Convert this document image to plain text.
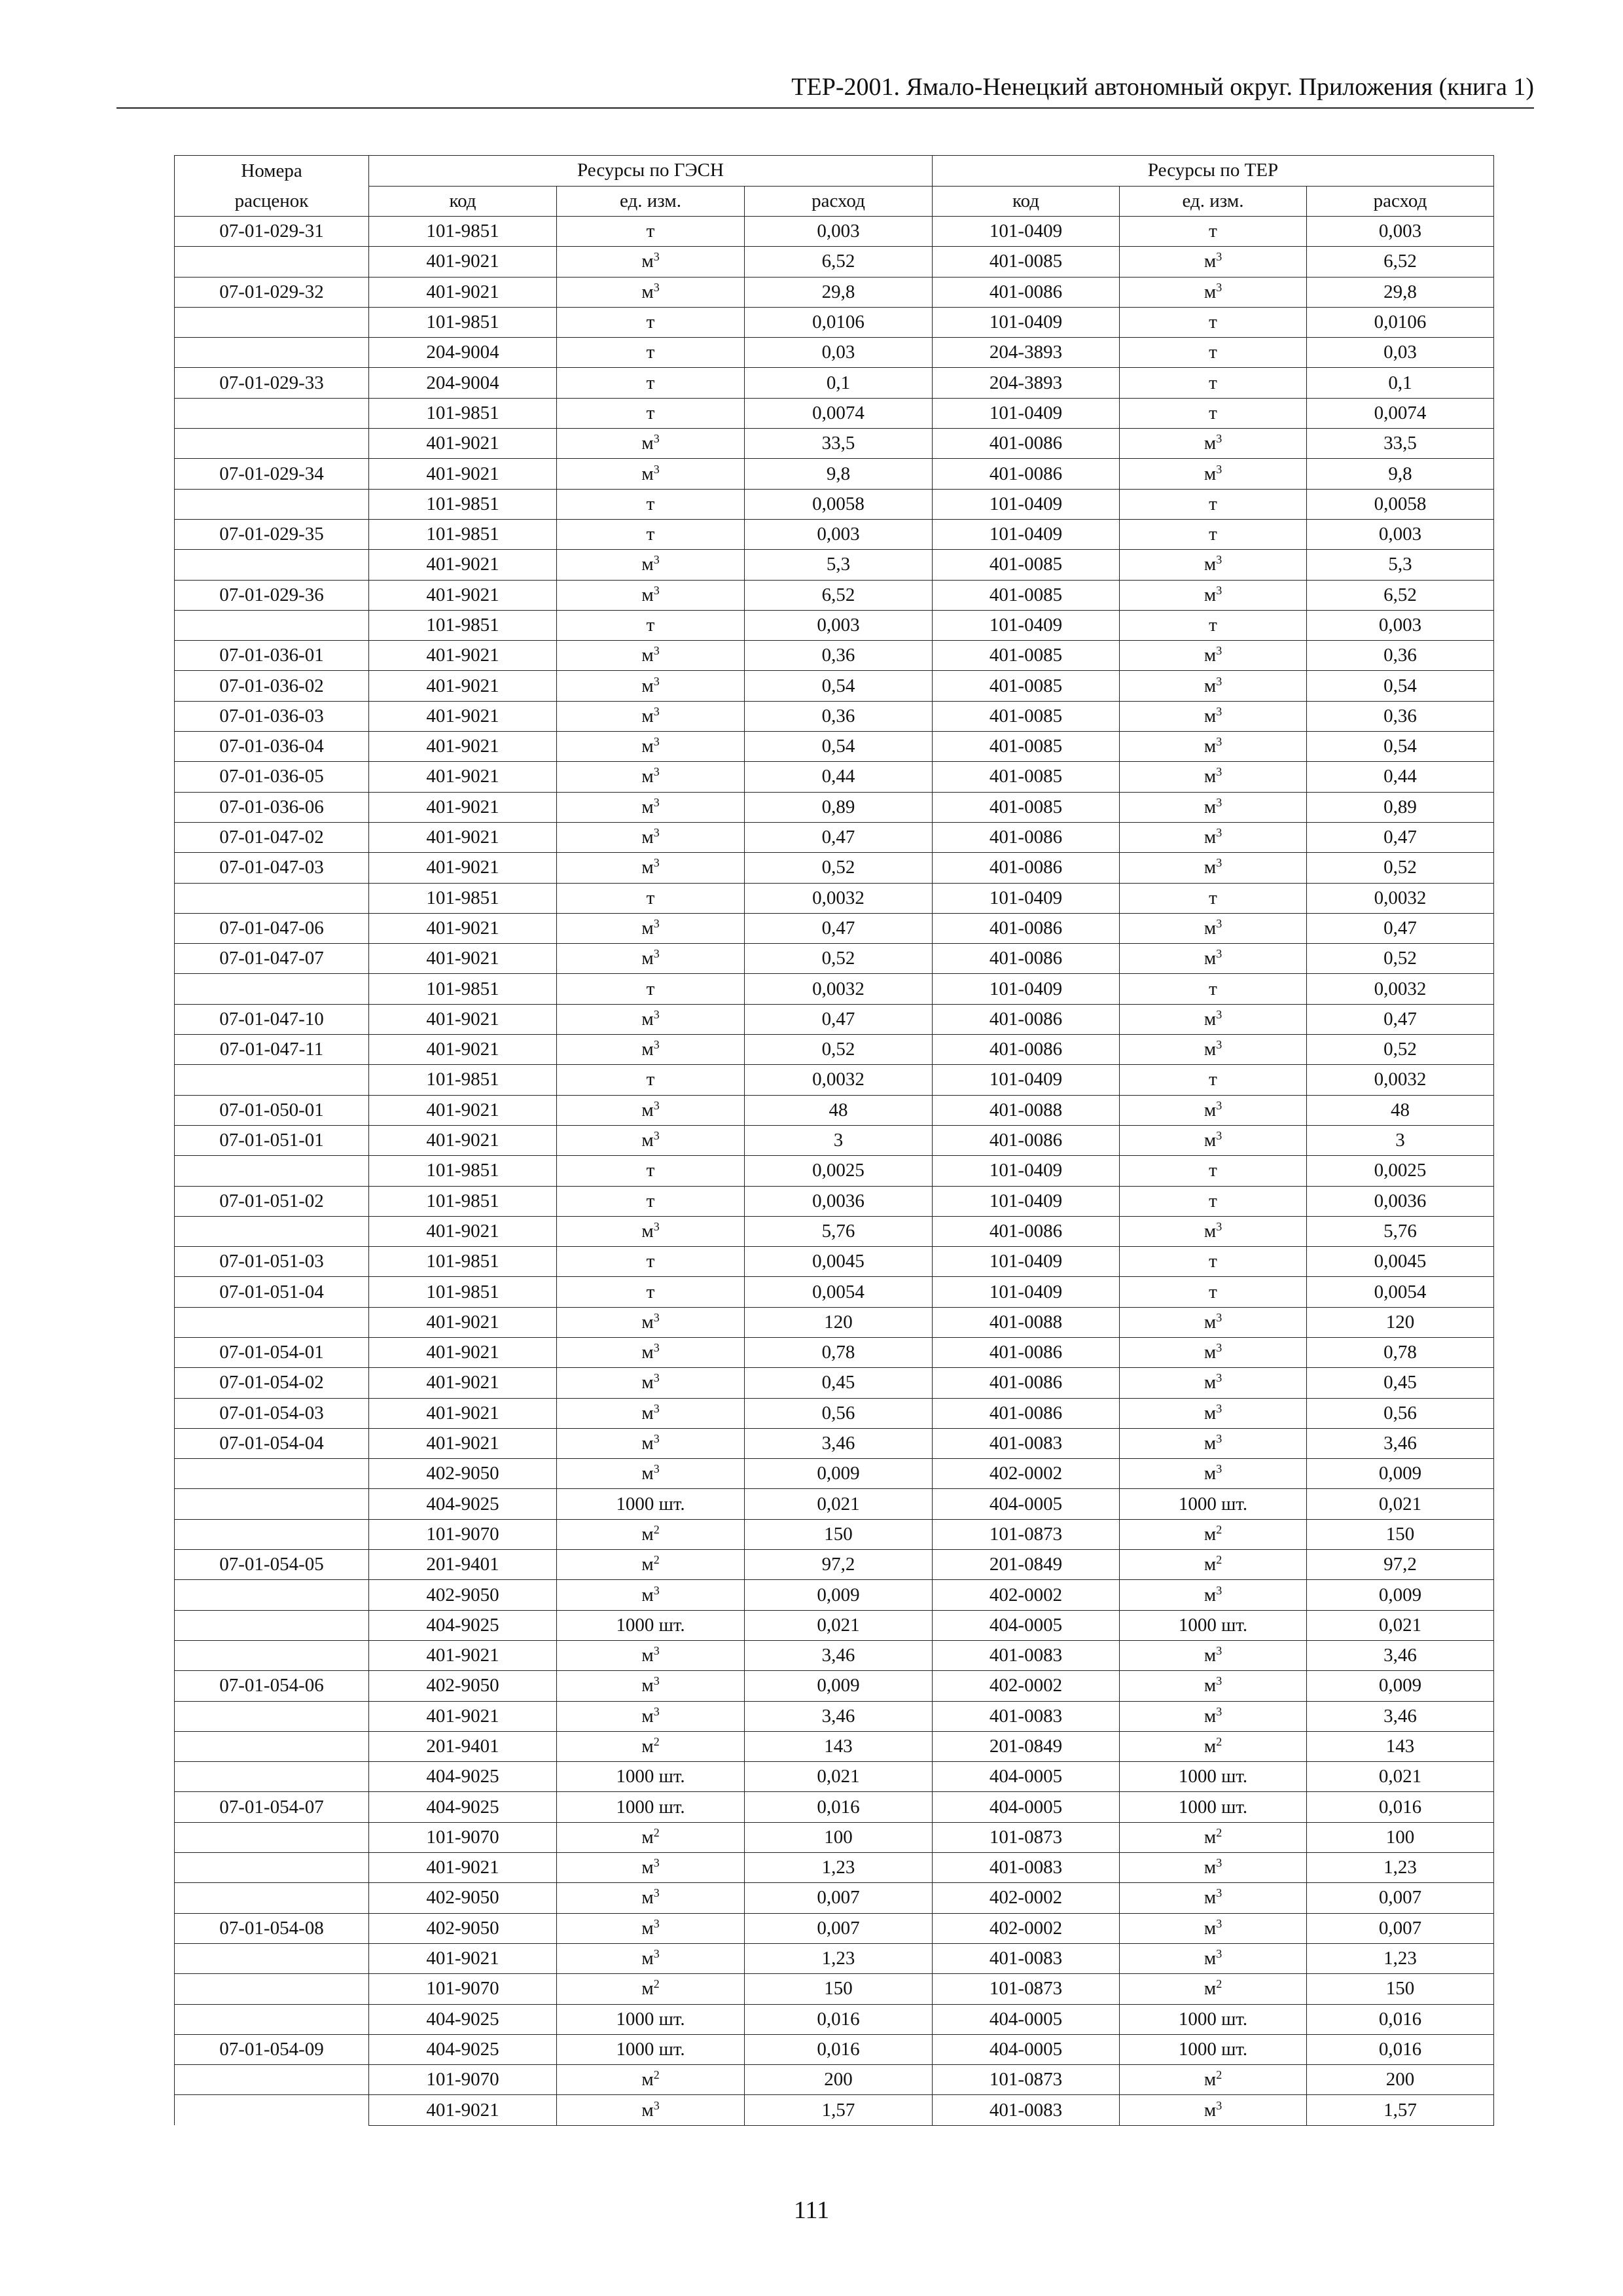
ТЕР-2001. Ямало-Ненецкий автономный округ. Приложения (книга 1)
Номера	Ресурсы по ГЭСН			Ресурсы по ТЕР		
расценок	код	ед. изм.	расход	код	ед. изм.	расход
07-01-029-31	101-9851	т	0,003	101-0409	т	0,003
	401-9021	$м^3$	6,52	401-0085	$м^3$	6,52
07-01-029-32	401-9021	$м^3$	29,8	401-0086	$м^3$	29,8
	101-9851	т	0,0106	101-0409	т	0,0106
	204-9004	т	0,03	204-3893	т	0,03
07-01-029-33	204-9004	т	0,1	204-3893	т	0,1
	101-9851	т	0,0074	101-0409	т	0,0074
	401-9021	$м^3$	33,5	401-0086	$м^3$	33,5
07-01-029-34	401-9021	$м^3$	9,8	401-0086	$м^3$	9,8
	101-9851	т	0,0058	101-0409	т	0,0058
07-01-029-35	101-9851	т	0,003	101-0409	т	0,003
	401-9021	$м^3$	5,3	401-0085	$м^3$	5,3
07-01-029-36	401-9021	$м^3$	6,52	401-0085	$м^3$	6,52
	101-9851	т	0,003	101-0409	т	0,003
07-01-036-01	401-9021	$м^3$	0,36	401-0085	$м^3$	0,36
07-01-036-02	401-9021	$м^3$	0,54	401-0085	$м^3$	0,54
07-01-036-03	401-9021	$м^3$	0,36	401-0085	$м^3$	0,36
07-01-036-04	401-9021	$м^3$	0,54	401-0085	$м^3$	0,54
07-01-036-05	401-9021	$м^3$	0,44	401-0085	$м^3$	0,44
07-01-036-06	401-9021	$м^3$	0,89	401-0085	$м^3$	0,89
07-01-047-02	401-9021	$м^3$	0,47	401-0086	$м^3$	0,47
07-01-047-03	401-9021	$м^3$	0,52	401-0086	$м^3$	0,52
	101-9851	т	0,0032	101-0409	т	0,0032
07-01-047-06	401-9021	$м^3$	0,47	401-0086	$м^3$	0,47
07-01-047-07	401-9021	$м^3$	0,52	401-0086	$м^3$	0,52
	101-9851	т	0,0032	101-0409	т	0,0032
07-01-047-10	401-9021	$м^3$	0,47	401-0086	$м^3$	0,47
07-01-047-11	401-9021	$м^3$	0,52	401-0086	$м^3$	0,52
	101-9851	т	0,0032	101-0409	т	0,0032
07-01-050-01	401-9021	$м^3$	48	401-0088	$м^3$	48
07-01-051-01	401-9021	$м^3$	3	401-0086	$м^3$	3
	101-9851	т	0,0025	101-0409	т	0,0025
07-01-051-02	101-9851	т	0,0036	101-0409	т	0,0036
	401-9021	$м^3$	5,76	401-0086	$м^3$	5,76
07-01-051-03	101-9851	т	0,0045	101-0409	т	0,0045
07-01-051-04	101-9851	т	0,0054	101-0409	т	0,0054
	401-9021	$м^3$	120	401-0088	$м^3$	120
07-01-054-01	401-9021	$м^3$	0,78	401-0086	$м^3$	0,78
07-01-054-02	401-9021	$м^3$	0,45	401-0086	$м^3$	0,45
07-01-054-03	401-9021	$м^3$	0,56	401-0086	$м^3$	0,56
07-01-054-04	401-9021	$м^3$	3,46	401-0083	$м^3$	3,46
	402-9050	$м^3$	0,009	402-0002	$м^3$	0,009
	404-9025	1000 шт.	0,021	404-0005	1000 шт.	0,021
	101-9070	$м^2$	150	101-0873	$м^2$	150
07-01-054-05	201-9401	$м^2$	97,2	201-0849	$м^2$	97,2
	402-9050	$м^3$	0,009	402-0002	$м^3$	0,009
	404-9025	1000 шт.	0,021	404-0005	1000 шт.	0,021
	401-9021	$м^3$	3,46	401-0083	$м^3$	3,46
07-01-054-06	402-9050	$м^3$	0,009	402-0002	$м^3$	0,009
	401-9021	$м^3$	3,46	401-0083	$м^3$	3,46
	201-9401	$м^2$	143	201-0849	$м^2$	143
	404-9025	1000 шт.	0,021	404-0005	1000 шт.	0,021
07-01-054-07	404-9025	1000 шт.	0,016	404-0005	1000 шт.	0,016
	101-9070	$м^2$	100	101-0873	$м^2$	100
	401-9021	$м^3$	1,23	401-0083	$м^3$	1,23
	402-9050	$м^3$	0,007	402-0002	$м^3$	0,007
07-01-054-08	402-9050	$м^3$	0,007	402-0002	$м^3$	0,007
	401-9021	$м^3$	1,23	401-0083	$м^3$	1,23
	101-9070	$м^2$	150	101-0873	$м^2$	150
	404-9025	1000 шт.	0,016	404-0005	1000 шт.	0,016
07-01-054-09	404-9025	1000 шт.	0,016	404-0005	1000 шт.	0,016
	101-9070	$м^2$	200	101-0873	$м^2$	200
	401-9021	$м^3$	1,57	401-0083	$м^3$	1,57
111
